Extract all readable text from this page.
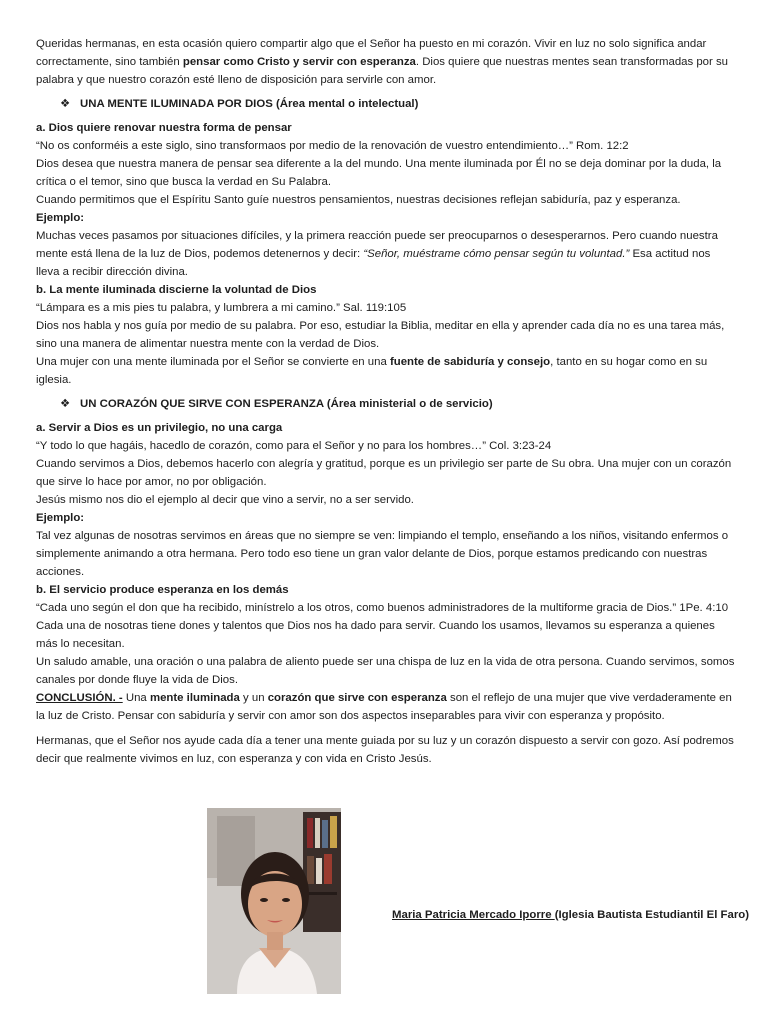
Queridas hermanas, en esta ocasión quiero compartir algo que el Señor ha puesto en mi corazón. Vivir en luz no solo significa andar correctamente, sino también pensar como Cristo y servir con esperanza. Dios quiere que nuestras mentes sean transformadas por su palabra y que nuestro corazón esté lleno de disposición para servirle con amor.

❖ UNA MENTE ILUMINADA POR DIOS (Área mental o intelectual)

a. Dios quiere renovar nuestra forma de pensar

“No os conforméis a este siglo, sino transformaos por medio de la renovación de vuestro entendimiento…” Rom. 12:2

Dios desea que nuestra manera de pensar sea diferente a la del mundo. Una mente iluminada por Él no se deja dominar por la duda, la crítica o el temor, sino que busca la verdad en Su Palabra.

Cuando permitimos que el Espíritu Santo guíe nuestros pensamientos, nuestras decisiones reflejan sabiduría, paz y esperanza.

Ejemplo:

Muchas veces pasamos por situaciones difíciles, y la primera reacción puede ser preocuparnos o desesperarnos. Pero cuando nuestra mente está llena de la luz de Dios, podemos detenernos y decir: “Señor, muéstrame cómo pensar según tu voluntad.” Esa actitud nos lleva a recibir dirección divina.

b. La mente iluminada discierne la voluntad de Dios

“Lámpara es a mis pies tu palabra, y lumbrera a mi camino.” Sal. 119:105

Dios nos habla y nos guía por medio de su palabra. Por eso, estudiar la Biblia, meditar en ella y aprender cada día no es una tarea más, sino una manera de alimentar nuestra mente con la verdad de Dios.

Una mujer con una mente iluminada por el Señor se convierte en una fuente de sabiduría y consejo, tanto en su hogar como en su iglesia.

❖ UN CORAZÓN QUE SIRVE CON ESPERANZA (Área ministerial o de servicio)

a. Servir a Dios es un privilegio, no una carga

“Y todo lo que hagáis, hacedlo de corazón, como para el Señor y no para los hombres…” Col. 3:23-24

Cuando servimos a Dios, debemos hacerlo con alegría y gratitud, porque es un privilegio ser parte de Su obra. Una mujer con un corazón que sirve lo hace por amor, no por obligación.

Jesús mismo nos dio el ejemplo al decir que vino a servir, no a ser servido.

Ejemplo:

Tal vez algunas de nosotras servimos en áreas que no siempre se ven: limpiando el templo, enseñando a los niños, visitando enfermos o simplemente animando a otra hermana. Pero todo eso tiene un gran valor delante de Dios, porque estamos predicando con nuestras acciones.

b. El servicio produce esperanza en los demás

“Cada uno según el don que ha recibido, minístrelo a los otros, como buenos administradores de la multiforme gracia de Dios.” 1Pe. 4:10

Cada una de nosotras tiene dones y talentos que Dios nos ha dado para servir. Cuando los usamos, llevamos su esperanza a quienes más lo necesitan.

Un saludo amable, una oración o una palabra de aliento puede ser una chispa de luz en la vida de otra persona. Cuando servimos, somos canales por donde fluye la vida de Dios.

CONCLUSIÓN. - Una mente iluminada y un corazón que sirve con esperanza son el reflejo de una mujer que vive verdaderamente en la luz de Cristo. Pensar con sabiduría y servir con amor son dos aspectos inseparables para vivir con esperanza y propósito.

Hermanas, que el Señor nos ayude cada día a tener una mente guiada por su luz y un corazón dispuesto a servir con gozo. Así podremos decir que realmente vivimos en luz, con esperanza y con vida en Cristo Jesús.

Maria Patricia Mercado Iporre (Iglesia Bautista Estudiantil El Faro)
